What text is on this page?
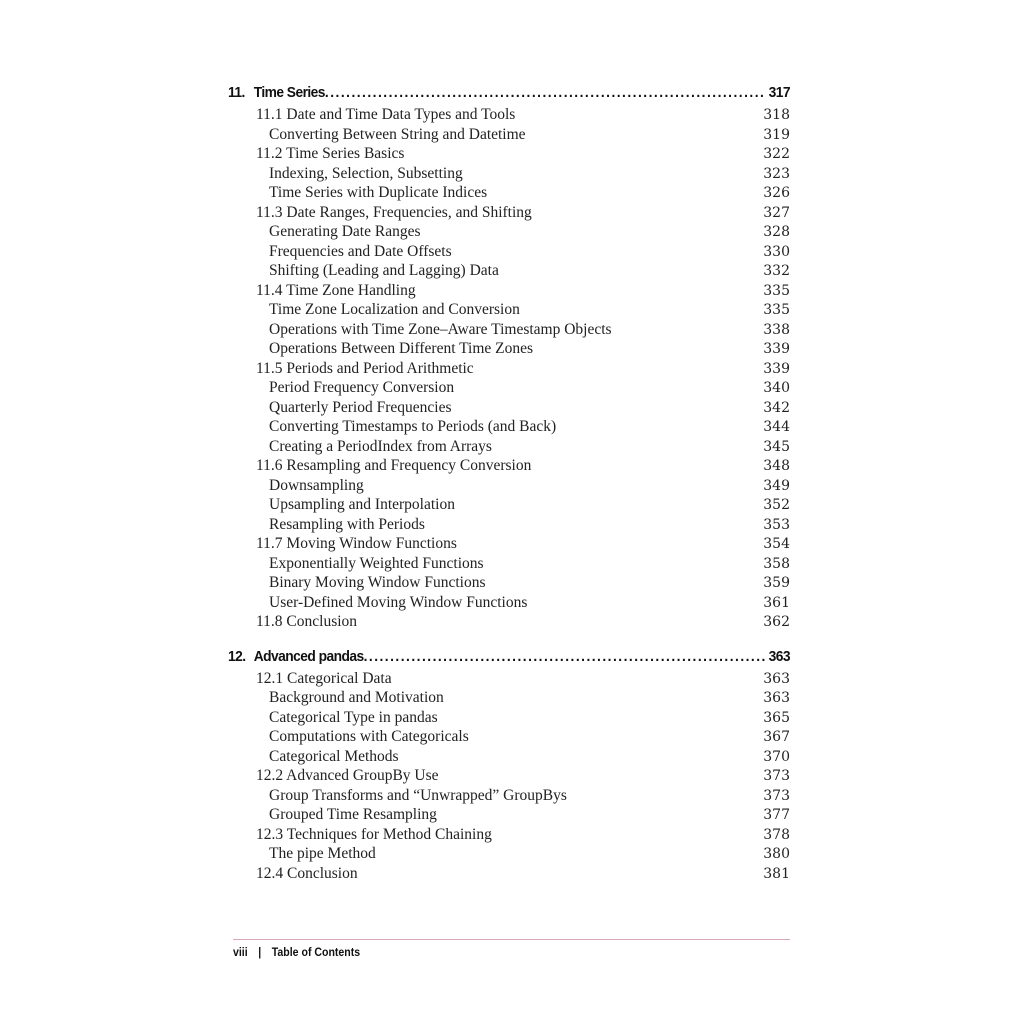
11. Time Series .....	317
11.1 Date and Time Data Types and Tools	318
Converting Between String and Datetime	319
11.2 Time Series Basics	322
Indexing, Selection, Subsetting	323
Time Series with Duplicate Indices	326
11.3 Date Ranges, Frequencies, and Shifting	327
Generating Date Ranges	328
Frequencies and Date Offsets	330
Shifting (Leading and Lagging) Data	332
11.4 Time Zone Handling	335
Time Zone Localization and Conversion	335
Operations with Time Zone–Aware Timestamp Objects	338
Operations Between Different Time Zones	339
11.5 Periods and Period Arithmetic	339
Period Frequency Conversion	340
Quarterly Period Frequencies	342
Converting Timestamps to Periods (and Back)	344
Creating a PeriodIndex from Arrays	345
11.6 Resampling and Frequency Conversion	348
Downsampling	349
Upsampling and Interpolation	352
Resampling with Periods	353
11.7 Moving Window Functions	354
Exponentially Weighted Functions	358
Binary Moving Window Functions	359
User-Defined Moving Window Functions	361
11.8 Conclusion	362
12. Advanced pandas .....	363
12.1 Categorical Data	363
Background and Motivation	363
Categorical Type in pandas	365
Computations with Categoricals	367
Categorical Methods	370
12.2 Advanced GroupBy Use	373
Group Transforms and “Unwrapped” GroupBys	373
Grouped Time Resampling	377
12.3 Techniques for Method Chaining	378
The pipe Method	380
12.4 Conclusion	381
viii | Table of Contents
